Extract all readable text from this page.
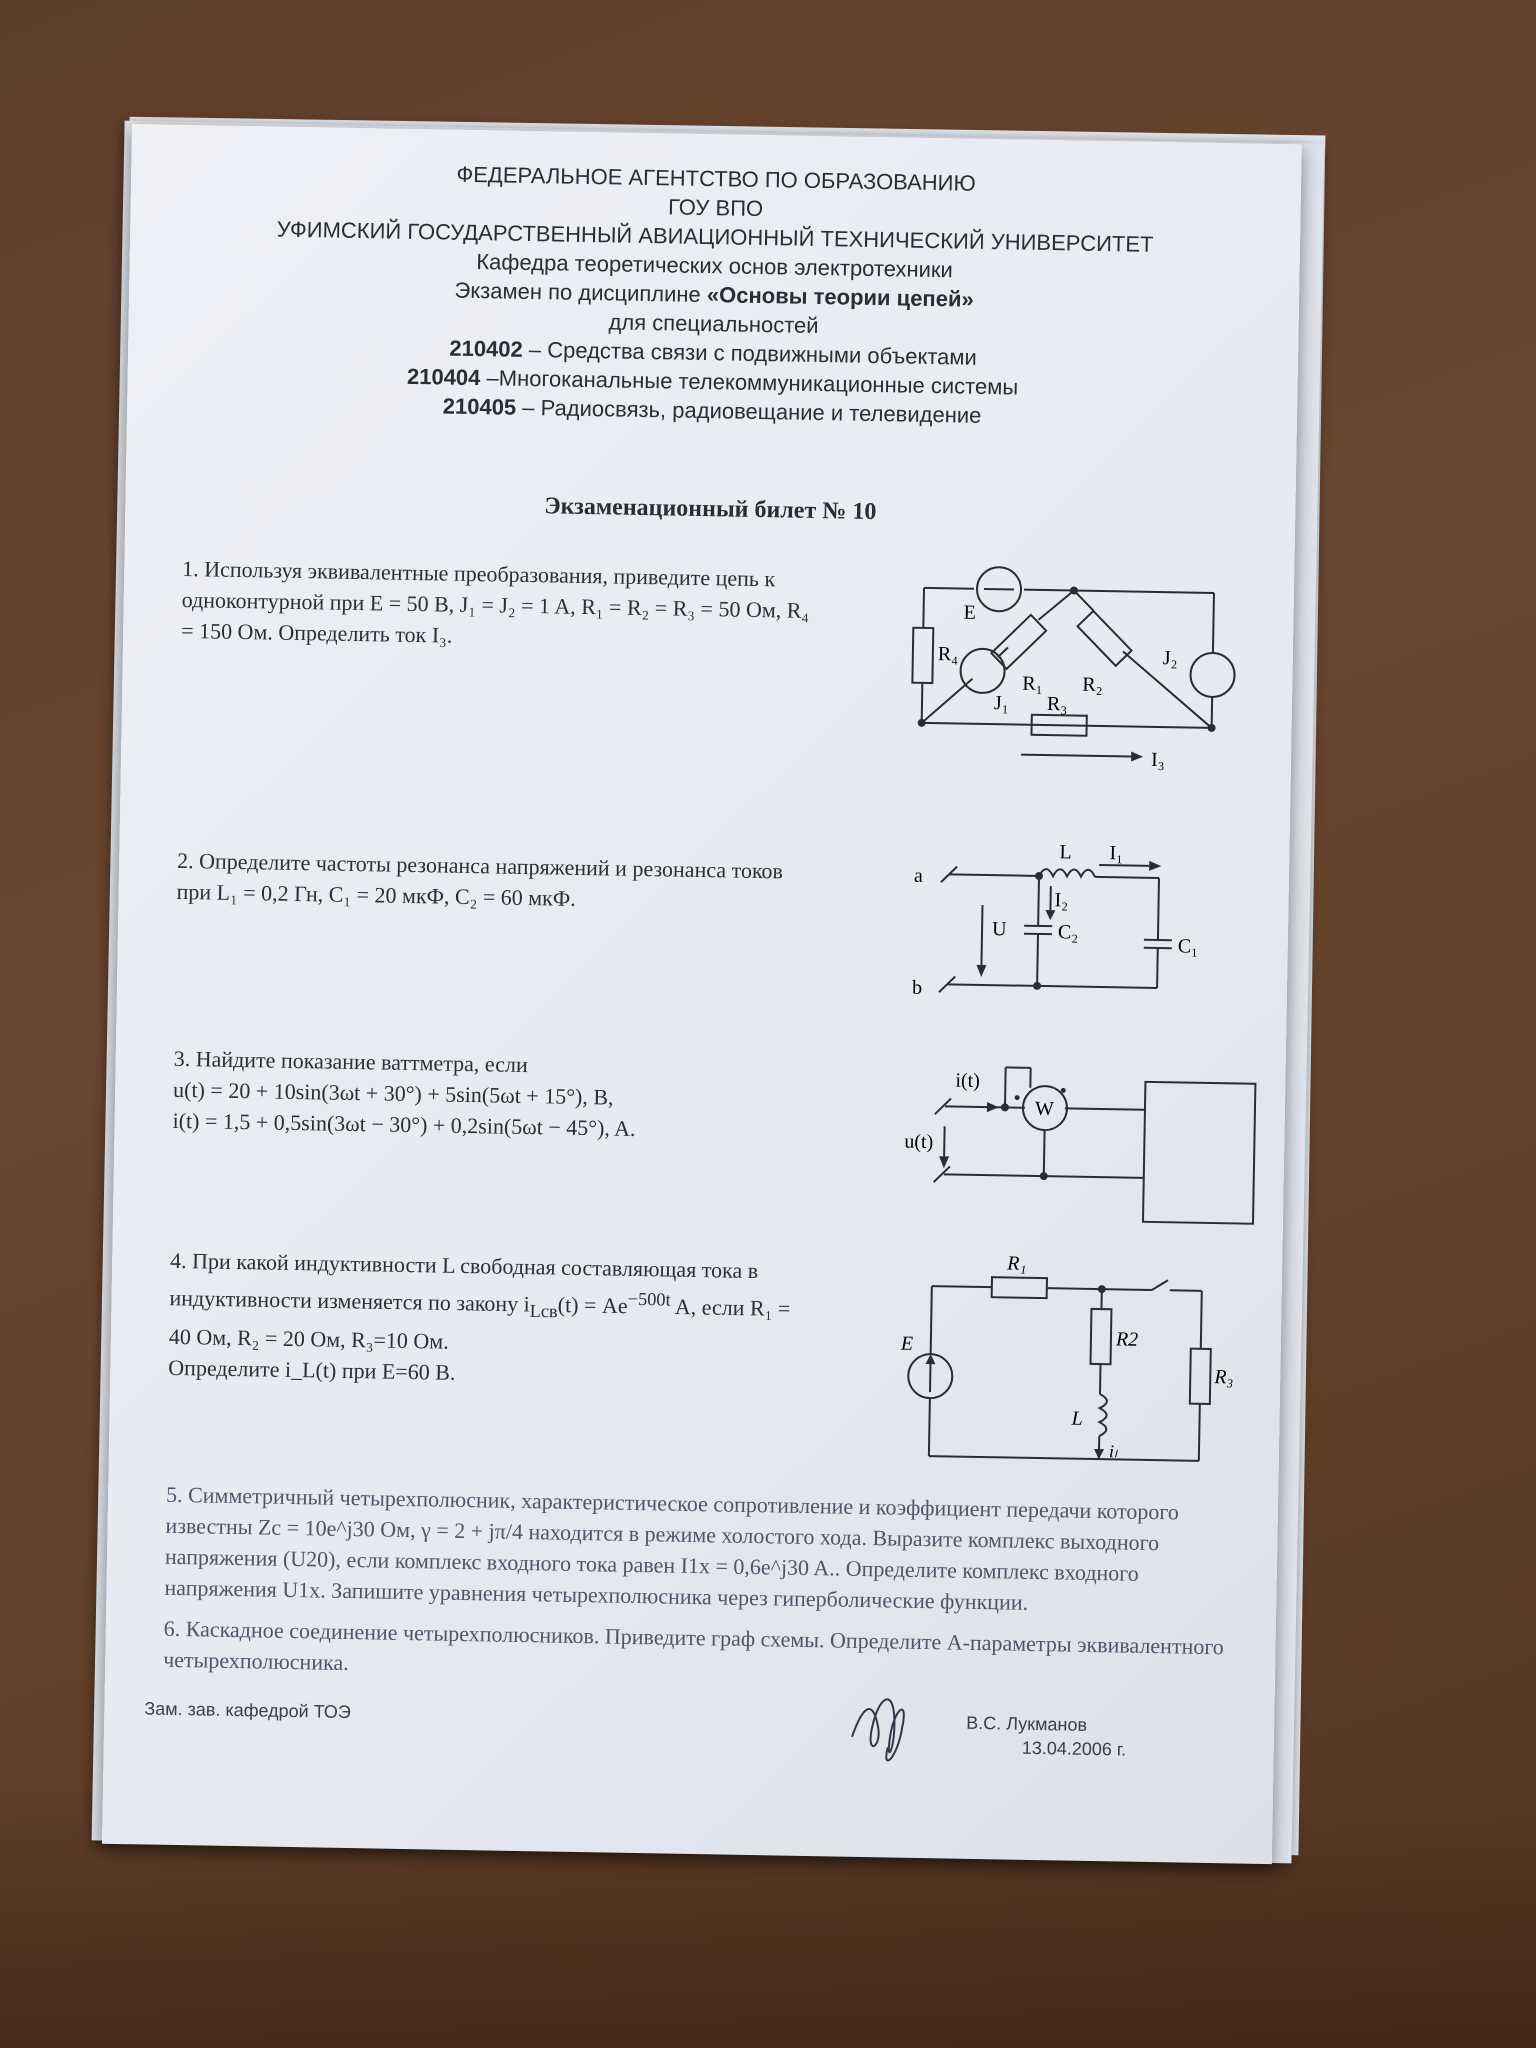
ФЕДЕРАЛЬНОЕ АГЕНТСТВО ПО ОБРАЗОВАНИЮ
ГОУ ВПО
УФИМСКИЙ ГОСУДАРСТВЕННЫЙ АВИАЦИОННЫЙ ТЕХНИЧЕСКИЙ УНИВЕРСИТЕТ
Кафедра теоретических основ электротехники
Экзамен по дисциплине «Основы теории цепей»
для специальностей
210402 – Средства связи с подвижными объектами
210404 –Многоканальные телекоммуникационные системы
210405 – Радиосвязь, радиовещание и телевидение
Экзаменационный билет № 10
1. Используя эквивалентные преобразования, приведите цепь к одноконтурной при E = 50 B, J₁ = J₂ = 1 A, R₁ = R₂ = R₃ = 50 Ом, R₄ = 150 Ом. Определить ток I₃.
E
R₄
R₁ R₂
J₁
J₂
R₃
I₃
2. Определите частоты резонанса напряжений и резонанса токов при L₁ = 0,2 Гн, C₁ = 20 мкФ, C₂ = 60 мкФ.
a
b
L I₁
I₂
U	C₂
C₁
3. Найдите показание ваттметра, если
u(t) = 20 + 10sin(3ωt + 30°) + 5sin(5ωt + 15°), B,
i(t) = 1,5 + 0,5sin(3ωt − 30°) + 0,2sin(5ωt − 45°), A.	W
i(t)
u(t)
4. При какой индуктивности L свободная составляющая тока в индуктивности изменяется по закону $i_{Lсв}(t) = Ae^{-500t}$ A, если R₁ = 40 Ом, R₂ = 20 Ом, R₃=10 Ом.
Определите i_L(t) при E=60 B.
R₁
R2
R₃
E
L
iₗ
5. Симметричный четырехполюсник, характеристическое сопротивление и коэффициент передачи которого известны Zc = 10e^j30 Ом, γ = 2 + jπ/4 находится в режиме холостого хода. Выразите комплекс выходного напряжения (U20), если комплекс входного тока равен I1x = 0,6e^j30 A.. Определите комплекс входного напряжения U1x. Запишите уравнения четырехполюсника через гиперболические функции.
6. Каскадное соединение четырехполюсников. Приведите граф схемы. Определите A-параметры эквивалентного четырехполюсника.
Зам. зав. кафедрой ТОЭ
В.С. Лукманов
13.04.2006 г.
